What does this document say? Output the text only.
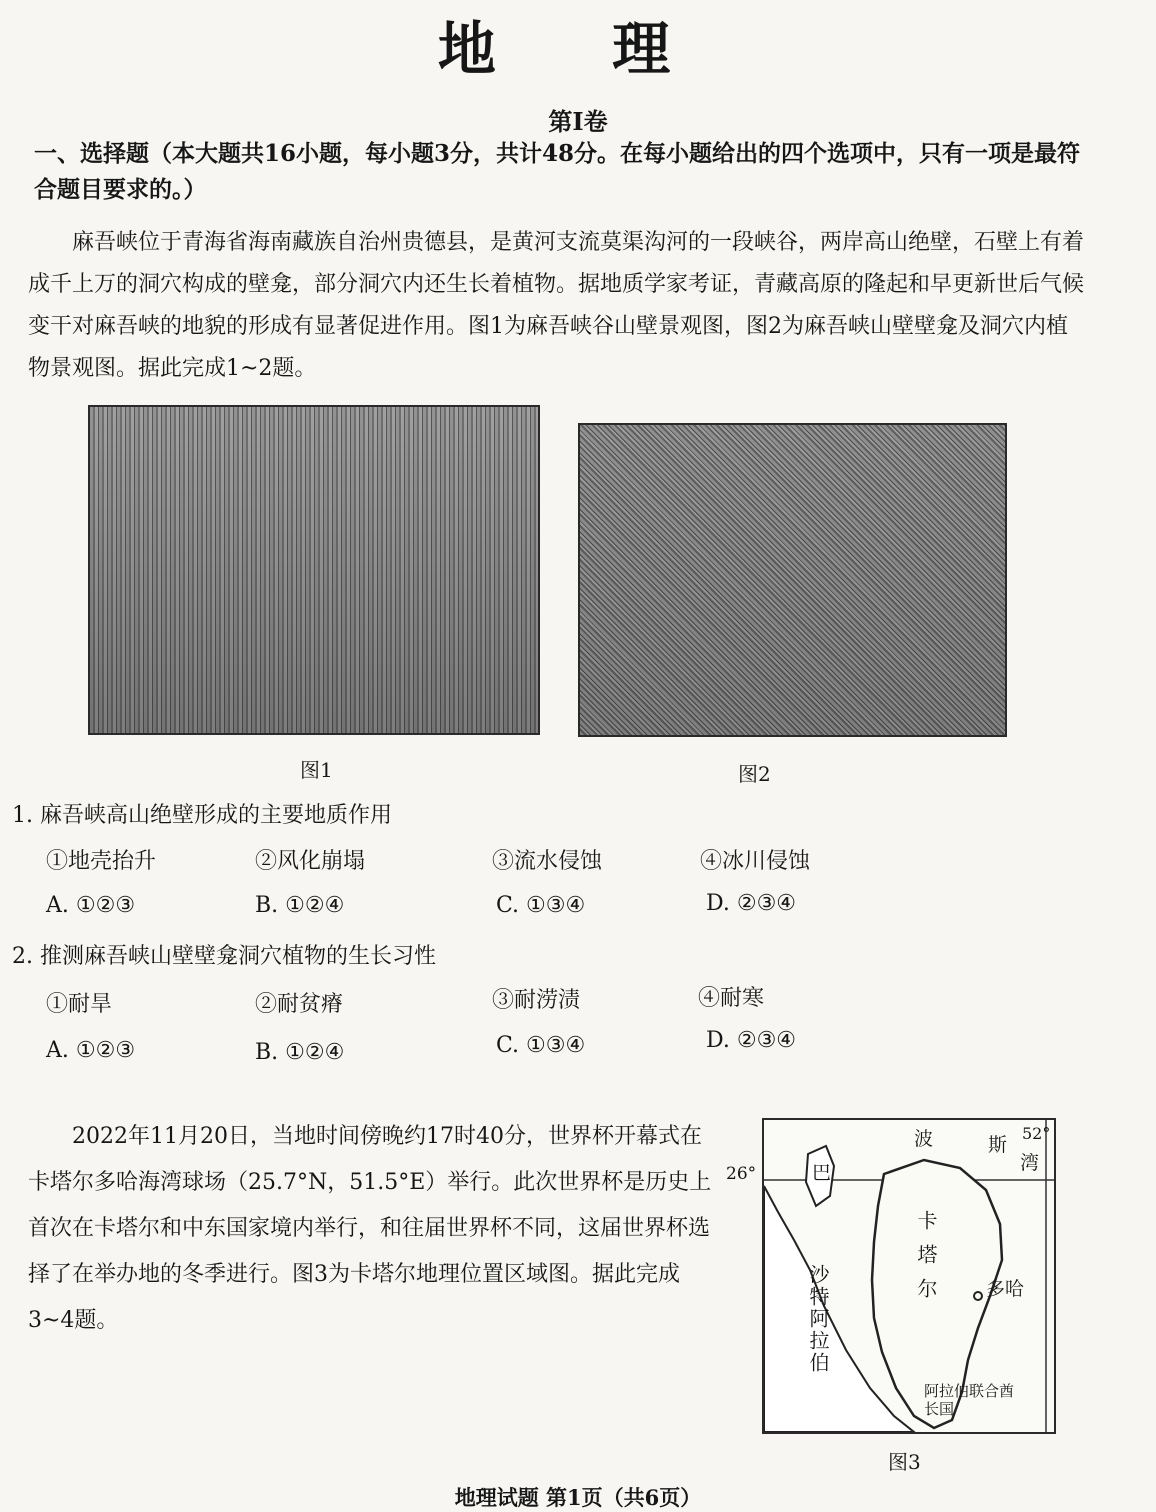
地 理
第Ⅰ卷
一、选择题（本大题共16小题，每小题3分，共计48分。在每小题给出的四个选项中，只有一项是最符合题目要求的。）
麻吾峡位于青海省海南藏族自治州贵德县，是黄河支流莫渠沟河的一段峡谷，两岸高山绝壁，石壁上有着成千上万的洞穴构成的壁龛，部分洞穴内还生长着植物。据地质学家考证，青藏高原的隆起和早更新世后气候变干对麻吾峡的地貌的形成有显著促进作用。图1为麻吾峡谷山壁景观图，图2为麻吾峡山壁壁龛及洞穴内植物景观图。据此完成1~2题。
图1	图2
1. 麻吾峡高山绝壁形成的主要地质作用
①地壳抬升	②风化崩塌	③流水侵蚀	④冰川侵蚀
A. ①②③	B. ①②④	C. ①③④	D. ②③④
2. 推测麻吾峡山壁壁龛洞穴植物的生长习性
①耐旱	②耐贫瘠	③耐涝渍	④耐寒
A. ①②③	B. ①②④	C. ①③④	D. ②③④
2022年11月20日，当地时间傍晚约17时40分，世界杯开幕式在卡塔尔多哈海湾球场（25.7°N，51.5°E）举行。此次世界杯是历史上首次在卡塔尔和中东国家境内举行，和往届世界杯不同，这届世界杯选择了在举办地的冬季进行。图3为卡塔尔地理位置区域图。据此完成3~4题。
波	斯
湾
52°
巴
卡塔尔	多哈
沙特阿拉伯
阿拉伯联合酋长国
26°
图3
地理试题 第1页（共6页）
